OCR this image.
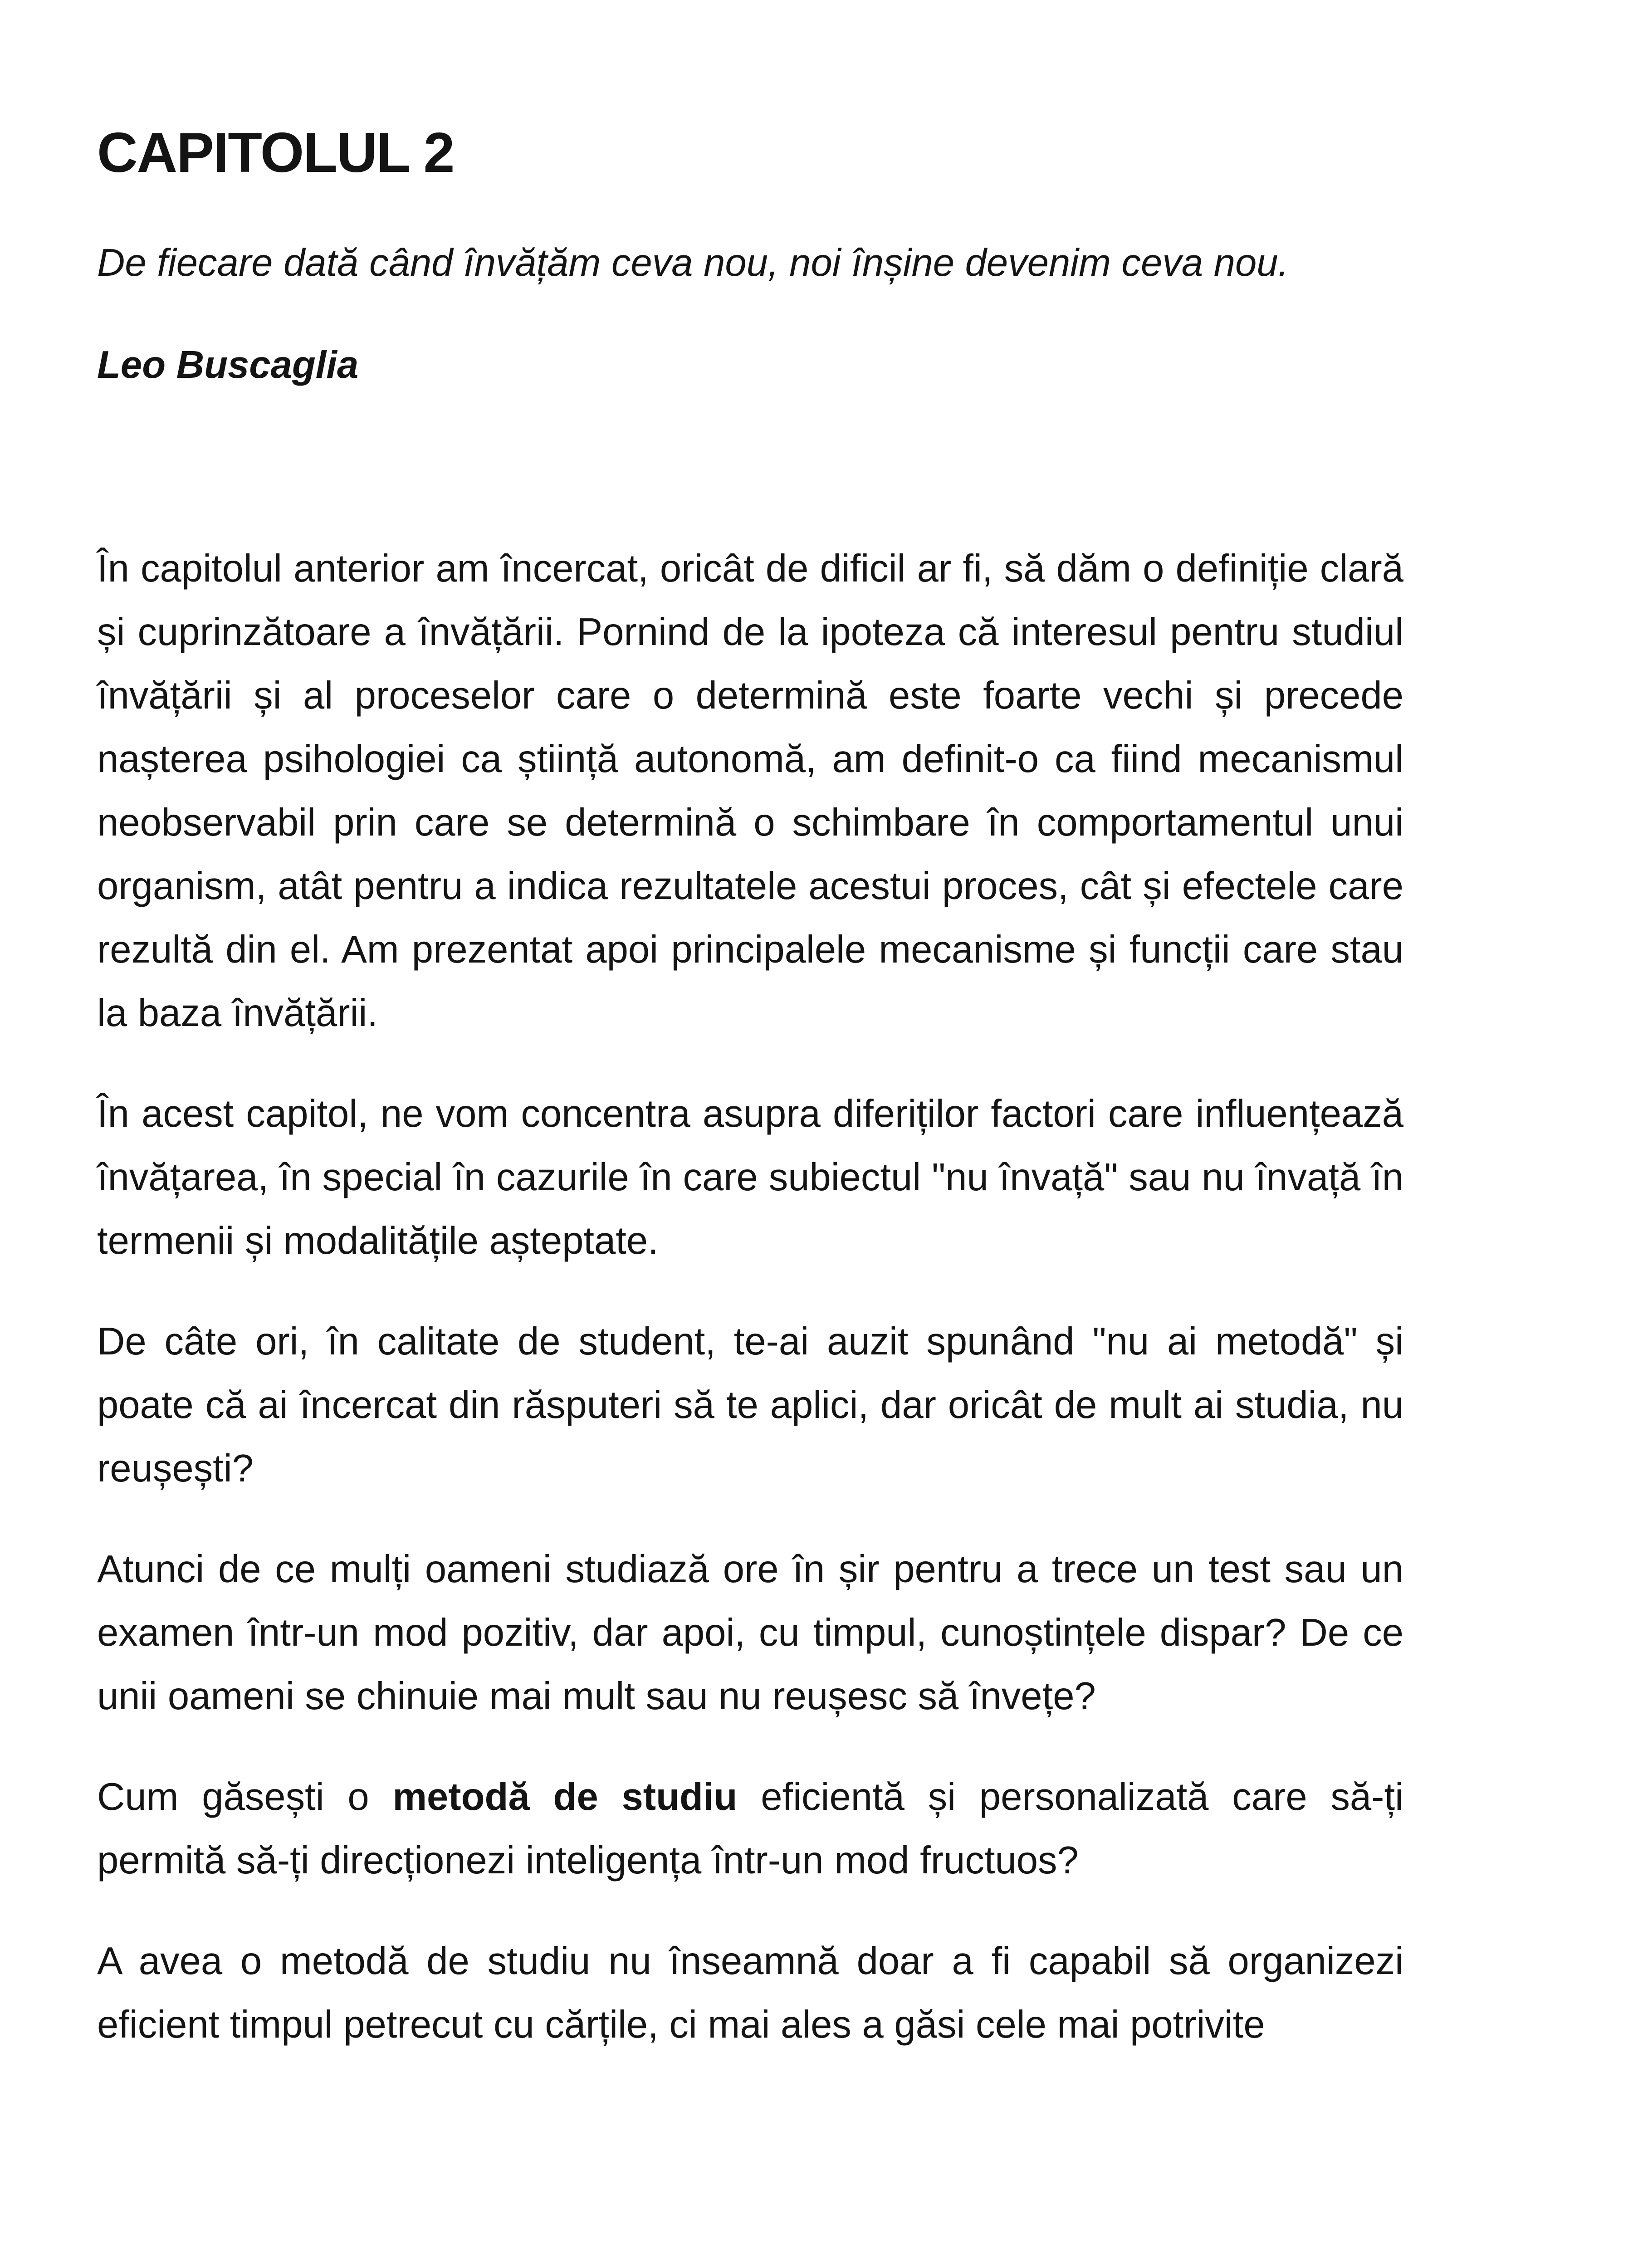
CAPITOLUL 2

De fiecare dată când învățăm ceva nou, noi înșine devenim ceva nou.

Leo Buscaglia

În capitolul anterior am încercat, oricât de dificil ar fi, să dăm o definiție clară și cuprinzătoare a învățării. Pornind de la ipoteza că interesul pentru studiul învățării și al proceselor care o determină este foarte vechi și precede nașterea psihologiei ca știință autonomă, am definit-o ca fiind mecanismul neobservabil prin care se determină o schimbare în comportamentul unui organism, atât pentru a indica rezultatele acestui proces, cât și efectele care rezultă din el. Am prezentat apoi principalele mecanisme și funcții care stau la baza învățării.

În acest capitol, ne vom concentra asupra diferiților factori care influențează învățarea, în special în cazurile în care subiectul "nu învață" sau nu învață în termenii și modalitățile așteptate.

De câte ori, în calitate de student, te-ai auzit spunând "nu ai metodă" și poate că ai încercat din răsputeri să te aplici, dar oricât de mult ai studia, nu reușești?

Atunci de ce mulți oameni studiază ore în șir pentru a trece un test sau un examen într-un mod pozitiv, dar apoi, cu timpul, cunoștințele dispar? De ce unii oameni se chinuie mai mult sau nu reușesc să învețe?

Cum găsești o metodă de studiu eficientă și personalizată care să-ți permită să-ți direcționezi inteligența într-un mod fructuos?

A avea o metodă de studiu nu înseamnă doar a fi capabil să organizezi eficient timpul petrecut cu cărțile, ci mai ales a găsi cele mai potrivite
